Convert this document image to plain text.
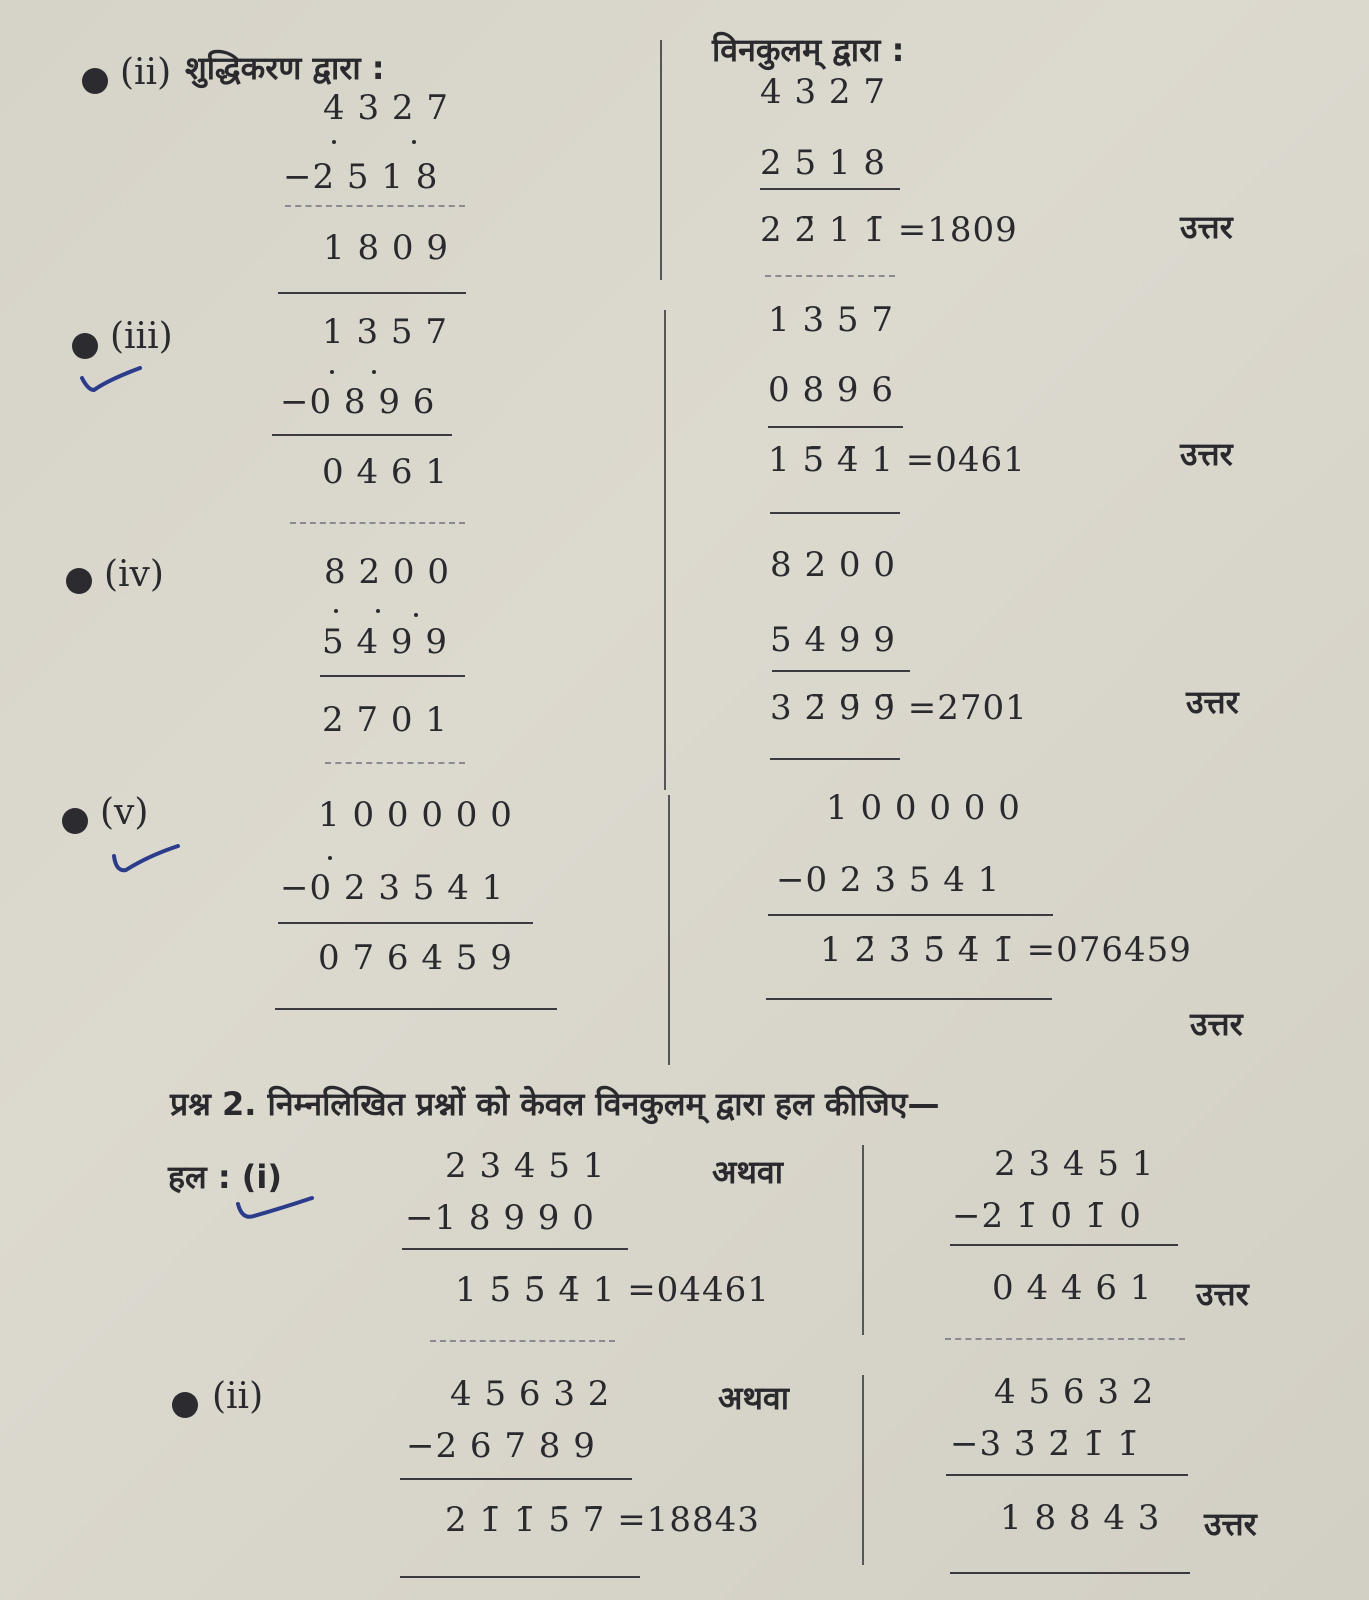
(ii) शुद्धिकरण द्वारा :	विनकुलम् द्वारा :
4 3 2 7
−2 5 1 8
1 8 0 9
4 3 2 7
2 5 1 8
2 2̄ 1 1̄ =1809	उत्तर
(iii)	1 3 5 7
−0 8 9 6
0 4 6 1
1 3 5 7
0 8 9 6
1 5̄ 4̄ 1 =0461	उत्तर
(iv)	8 2 0 0
5 4 9 9
2 7 0 1
8 2 0 0
5 4 9 9
3 2̄ 9̄ 9̄ =2701	उत्तर
(v)	1 0 0 0 0 0
−0 2 3 5 4 1
0 7 6 4 5 9
1 0 0 0 0 0
−0 2 3 5 4 1
1 2̄ 3̄ 5̄ 4̄ 1̄ =076459
उत्तर
प्रश्न 2. निम्नलिखित प्रश्नों को केवल विनकुलम् द्वारा हल कीजिए—
हल : (i)	2 3 4 5 1	अथवा
−1 8 9 9 0
1 5̄ 5̄ 4̄ 1 =04461
2 3 4 5 1
−2 1̄ 0̄ 1̄ 0
0 4 4 6 1 उत्तर
(ii)	4 5 6 3 2	अथवा
−2 6 7 8 9
2 1̄ 1̄ 5̄ 7̄ =18843
4 5 6 3 2
−3 3̄ 2̄ 1̄ 1̄
1 8 8 4 3 उत्तर
